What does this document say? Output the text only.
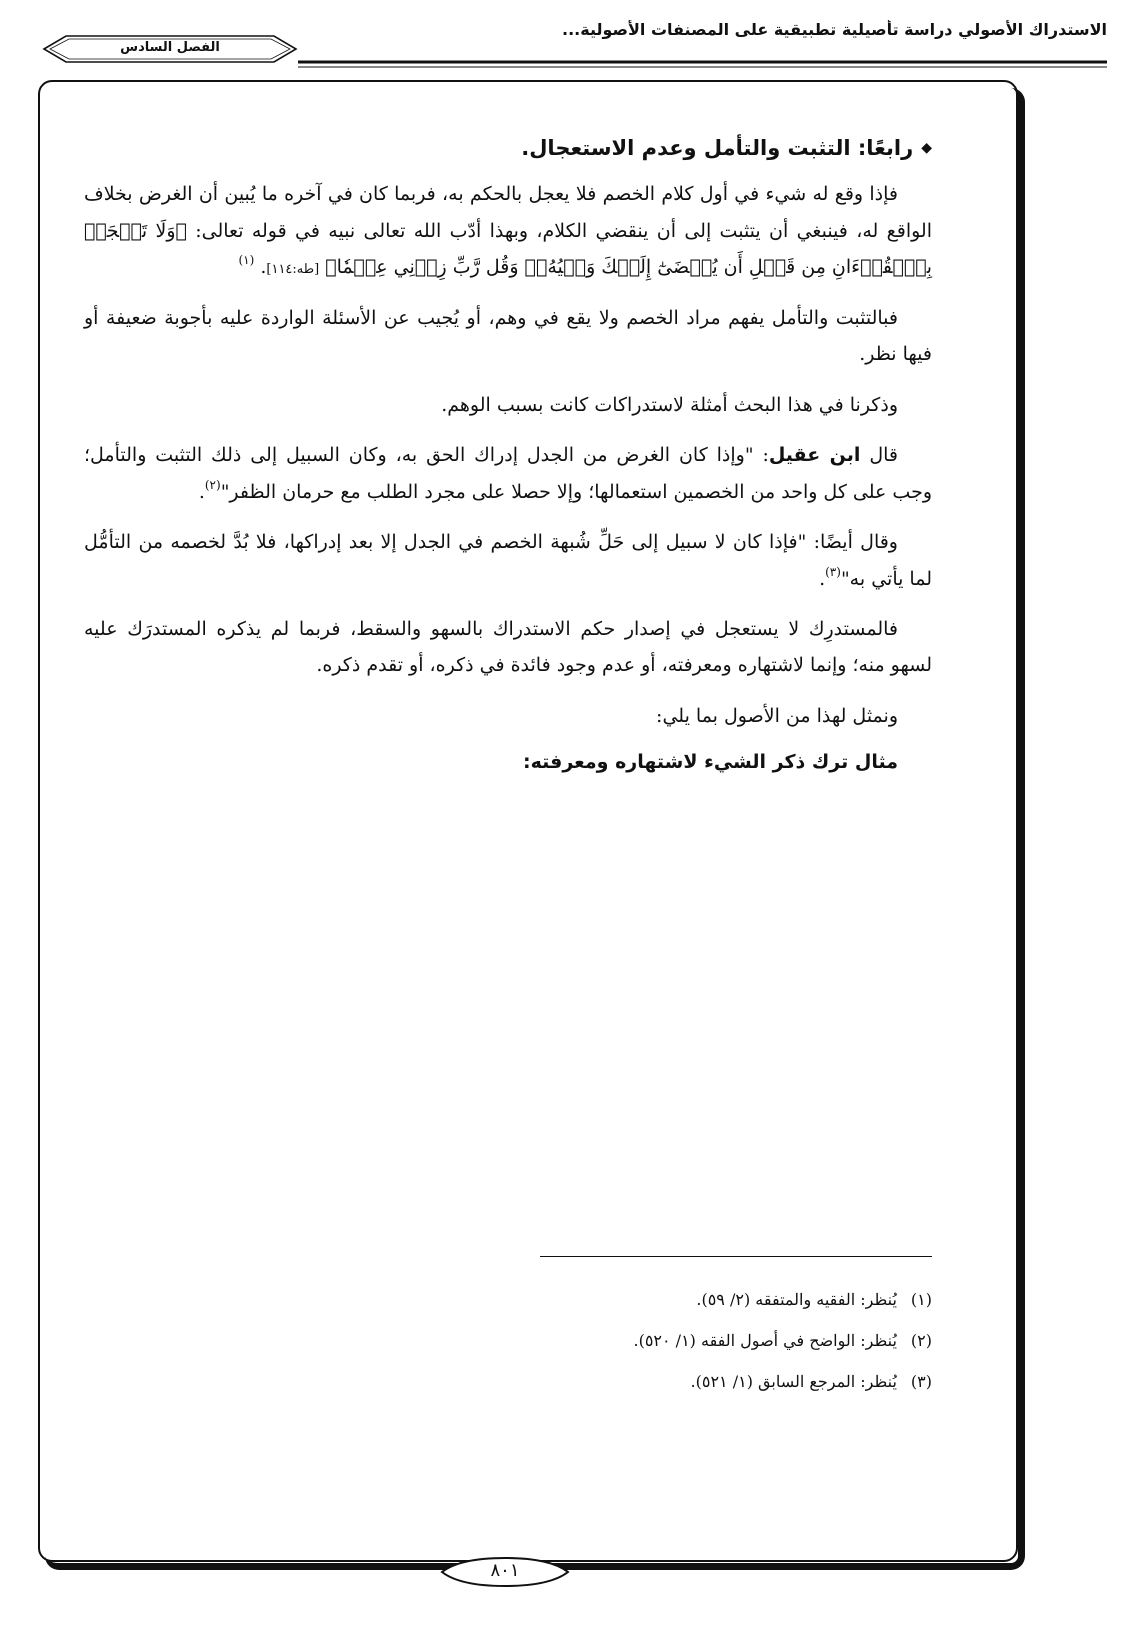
الاستدراك الأصولي دراسة تأصيلية تطبيقية على المصنفات الأصولية...
الفصل السادس
◆رابعًا: التثبت والتأمل وعدم الاستعجال.

فإذا وقع له شيء في أول كلام الخصم فلا يعجل بالحكم به، فربما كان في آخره ما يُبين أن الغرض بخلاف الواقع له، فينبغي أن يتثبت إلى أن ينقضي الكلام، وبهذا أدّب الله تعالى نبيه في قوله تعالى: ﴿وَلَا تَعۡجَلۡ بِٱلۡقُرۡءَانِ مِن قَبۡلِ أَن يُقۡضَىٰٓ إِلَيۡكَ وَحۡيُهُۥۖ وَقُل رَّبِّ زِدۡنِي عِلۡمٗا﴾ [طه:١١٤]. $^{(١)}$

فبالتثبت والتأمل يفهم مراد الخصم ولا يقع في وهم، أو يُجيب عن الأسئلة الواردة عليه بأجوبة ضعيفة أو فيها نظر.

وذكرنا في هذا البحث أمثلة لاستدراكات كانت بسبب الوهم.

قال ابن عقيل: "وإذا كان الغرض من الجدل إدراك الحق به، وكان السبيل إلى ذلك التثبت والتأمل؛ وجب على كل واحد من الخصمين استعمالها؛ وإلا حصلا على مجرد الطلب مع حرمان الظفر"$^{(٢)}$.

وقال أيضًا: "فإذا كان لا سبيل إلى حَلِّ شُبهة الخصم في الجدل إلا بعد إدراكها، فلا بُدَّ لخصمه من التأمُّل لما يأتي به"$^{(٣)}$.

فالمستدرِك لا يستعجل في إصدار حكم الاستدراك بالسهو والسقط، فربما لم يذكره المستدرَك عليه لسهو منه؛ وإنما لاشتهاره ومعرفته، أو عدم وجود فائدة في ذكره، أو تقدم ذكره.

ونمثل لهذا من الأصول بما يلي:

مثال ترك ذكر الشيء لاشتهاره ومعرفته:

(١)يُنظر: الفقيه والمتفقه (٢/ ٥٩).
(٢)يُنظر: الواضح في أصول الفقه (١/ ٥٢٠).
(٣)يُنظر: المرجع السابق (١/ ٥٢١).
٨٠١
